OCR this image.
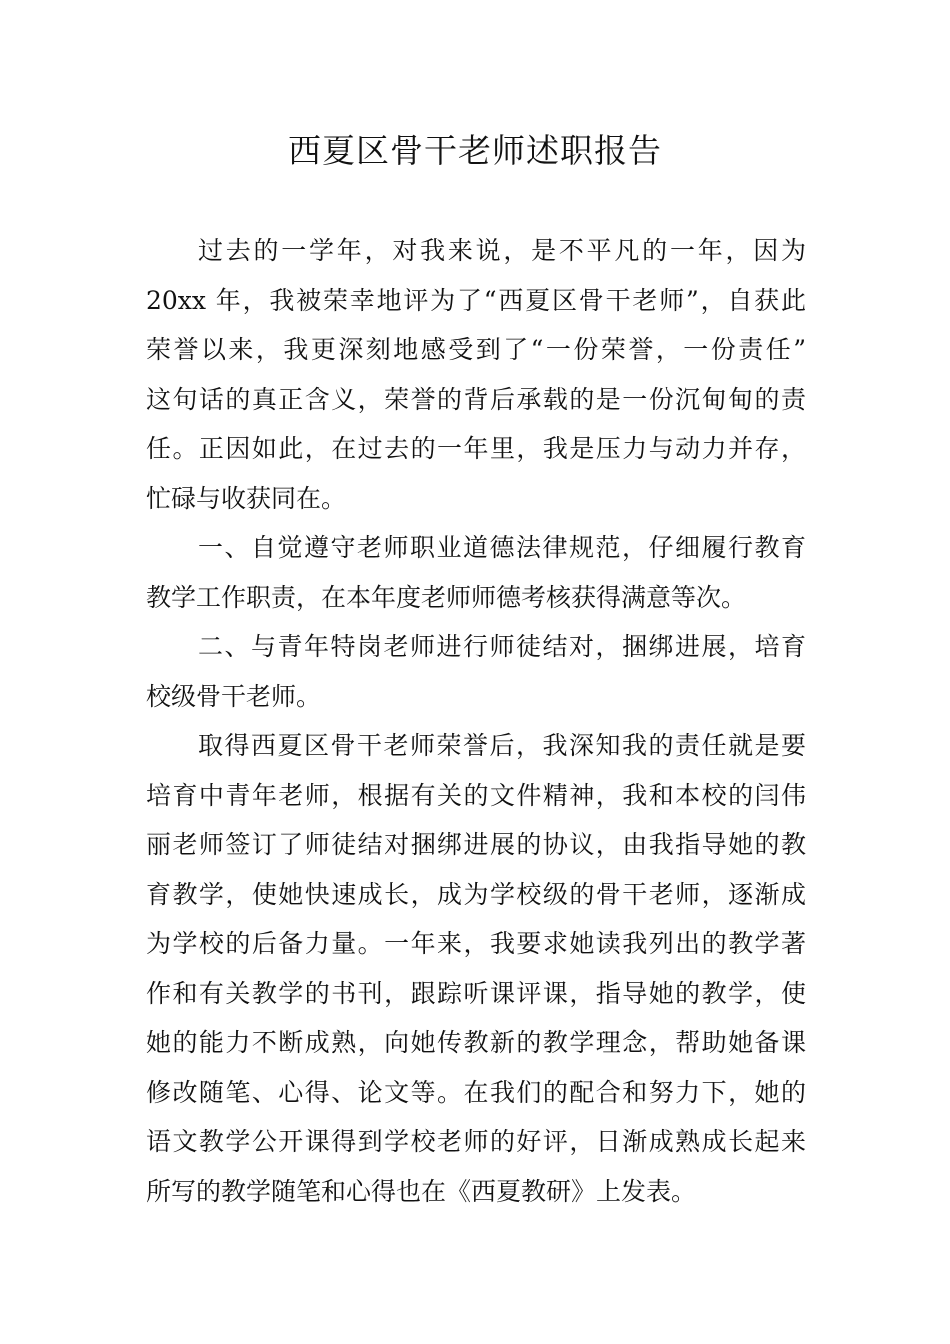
西夏区骨干老师述职报告
过去的一学年，对我来说，是不平凡的一年，因为
20xx 年，我被荣幸地评为了“西夏区骨干老师”，自获此
荣誉以来，我更深刻地感受到了“一份荣誉，一份责任”
这句话的真正含义，荣誉的背后承载的是一份沉甸甸的责
任。正因如此，在过去的一年里，我是压力与动力并存，
忙碌与收获同在。
一、自觉遵守老师职业道德法律规范，仔细履行教育
教学工作职责，在本年度老师师德考核获得满意等次。
二、与青年特岗老师进行师徒结对，捆绑进展，培育
校级骨干老师。
取得西夏区骨干老师荣誉后，我深知我的责任就是要
培育中青年老师，根据有关的文件精神，我和本校的闫伟
丽老师签订了师徒结对捆绑进展的协议，由我指导她的教
育教学，使她快速成长，成为学校级的骨干老师，逐渐成
为学校的后备力量。一年来，我要求她读我列出的教学著
作和有关教学的书刊，跟踪听课评课，指导她的教学，使
她的能力不断成熟，向她传教新的教学理念，帮助她备课
修改随笔、心得、论文等。在我们的配合和努力下，她的
语文教学公开课得到学校老师的好评，日渐成熟成长起来
所写的教学随笔和心得也在《西夏教研》上发表。
